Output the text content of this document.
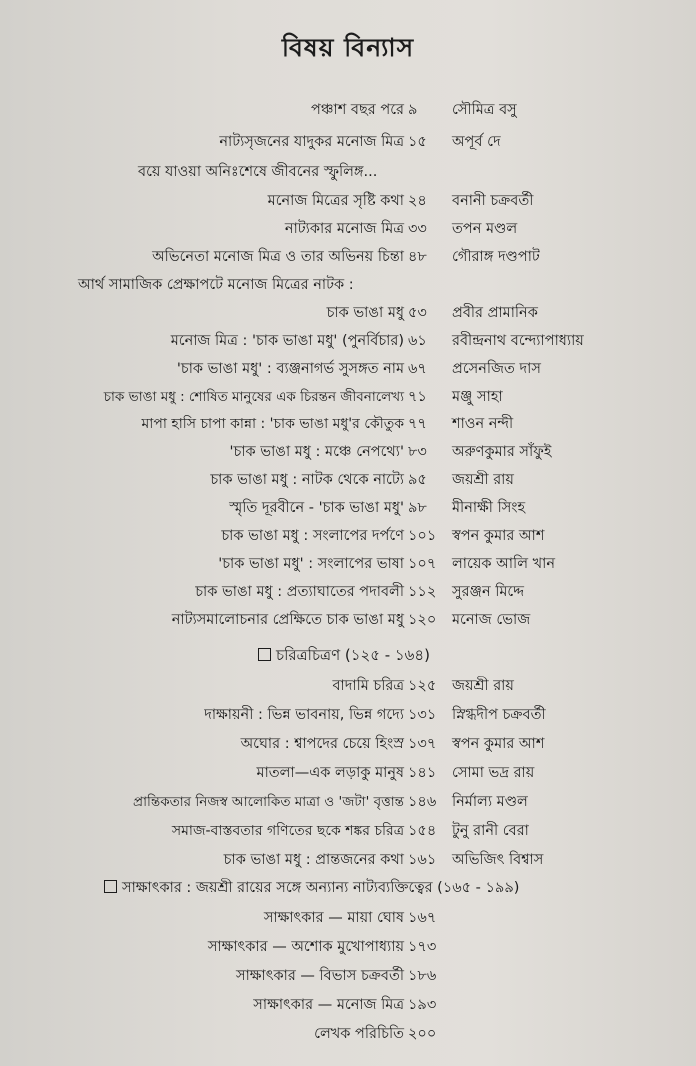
বিষয় বিন্যাস
পঞ্চাশ বছর পরে ৯	সৌমিত্র বসু
নাট্যসৃজনের যাদুকর মনোজ মিত্র ১৫	অপূর্ব দে
বয়ে যাওয়া অনিঃশেষে জীবনের স্ফুলিঙ্গ...
মনোজ মিত্রের সৃষ্টি কথা ২৪	বনানী চক্রবর্তী
নাট্যকার মনোজ মিত্র ৩৩	তপন মণ্ডল
অভিনেতা মনোজ মিত্র ও তার অভিনয় চিন্তা ৪৮	গৌরাঙ্গ দণ্ডপাট
আর্থ সামাজিক প্রেক্ষাপটে মনোজ মিত্রের নাটক :
চাক ভাঙা মধু ৫৩	প্রবীর প্রামানিক
মনোজ মিত্র : 'চাক ভাঙা মধু' (পুনর্বিচার) ৬১	রবীন্দ্রনাথ বন্দ্যোপাধ্যায়
'চাক ভাঙা মধু' : ব্যঞ্জনাগর্ভ সুসঙ্গত নাম ৬৭	প্রসেনজিত দাস
চাক ভাঙা মধু : শোষিত মানুষের এক চিরন্তন জীবনালেখ্য ৭১	মঞ্জু সাহা
মাপা হাসি চাপা কান্না : 'চাক ভাঙা মধু'র কৌতুক ৭৭	শাওন নন্দী
'চাক ভাঙা মধু : মঞ্চে নেপথ্যে' ৮৩	অরুণকুমার সাঁফুই
চাক ভাঙা মধু : নাটক থেকে নাট্যে ৯৫	জয়শ্রী রায়
স্মৃতি দূরবীনে - 'চাক ভাঙা মধু' ৯৮	মীনাক্ষী সিংহ
চাক ভাঙা মধু : সংলাপের দর্পণে ১০১	স্বপন কুমার আশ
'চাক ভাঙা মধু' : সংলাপের ভাষা ১০৭	লায়েক আলি খান
চাক ভাঙা মধু : প্রত্যাঘাতের পদাবলী ১১২	সুরঞ্জন মিদ্দে
নাট্যসমালোচনার প্রেক্ষিতে চাক ভাঙা মধু ১২০	মনোজ ভোজ
চরিত্রচিত্রণ (১২৫ - ১৬৪)
বাদামি চরিত্র ১২৫	জয়শ্রী রায়
দাক্ষায়নী : ভিন্ন ভাবনায়, ভিন্ন গদ্যে ১৩১	স্নিগ্ধদীপ চক্রবর্তী
অঘোর : শ্বাপদের চেয়ে হিংস্র ১৩৭	স্বপন কুমার আশ
মাতলা—এক লড়াকু মানুষ ১৪১	সোমা ভদ্র রায়
প্রান্তিকতার নিজস্ব আলোকিত মাত্রা ও 'জটা' বৃত্তান্ত ১৪৬	নির্মাল্য মণ্ডল
সমাজ-বাস্তবতার গণিতের ছকে শঙ্কর চরিত্র ১৫৪	টুনু রানী বেরা
চাক ভাঙা মধু : প্রান্তজনের কথা ১৬১	অভিজিৎ বিশ্বাস
সাক্ষাৎকার : জয়শ্রী রায়ের সঙ্গে অন্যান্য নাট্যব্যক্তিত্বের (১৬৫ - ১৯৯)
সাক্ষাৎকার — মায়া ঘোষ ১৬৭
সাক্ষাৎকার — অশোক মুখোপাধ্যায় ১৭৩
সাক্ষাৎকার — বিভাস চক্রবর্তী ১৮৬
সাক্ষাৎকার — মনোজ মিত্র ১৯৩
লেখক পরিচিতি ২০০
